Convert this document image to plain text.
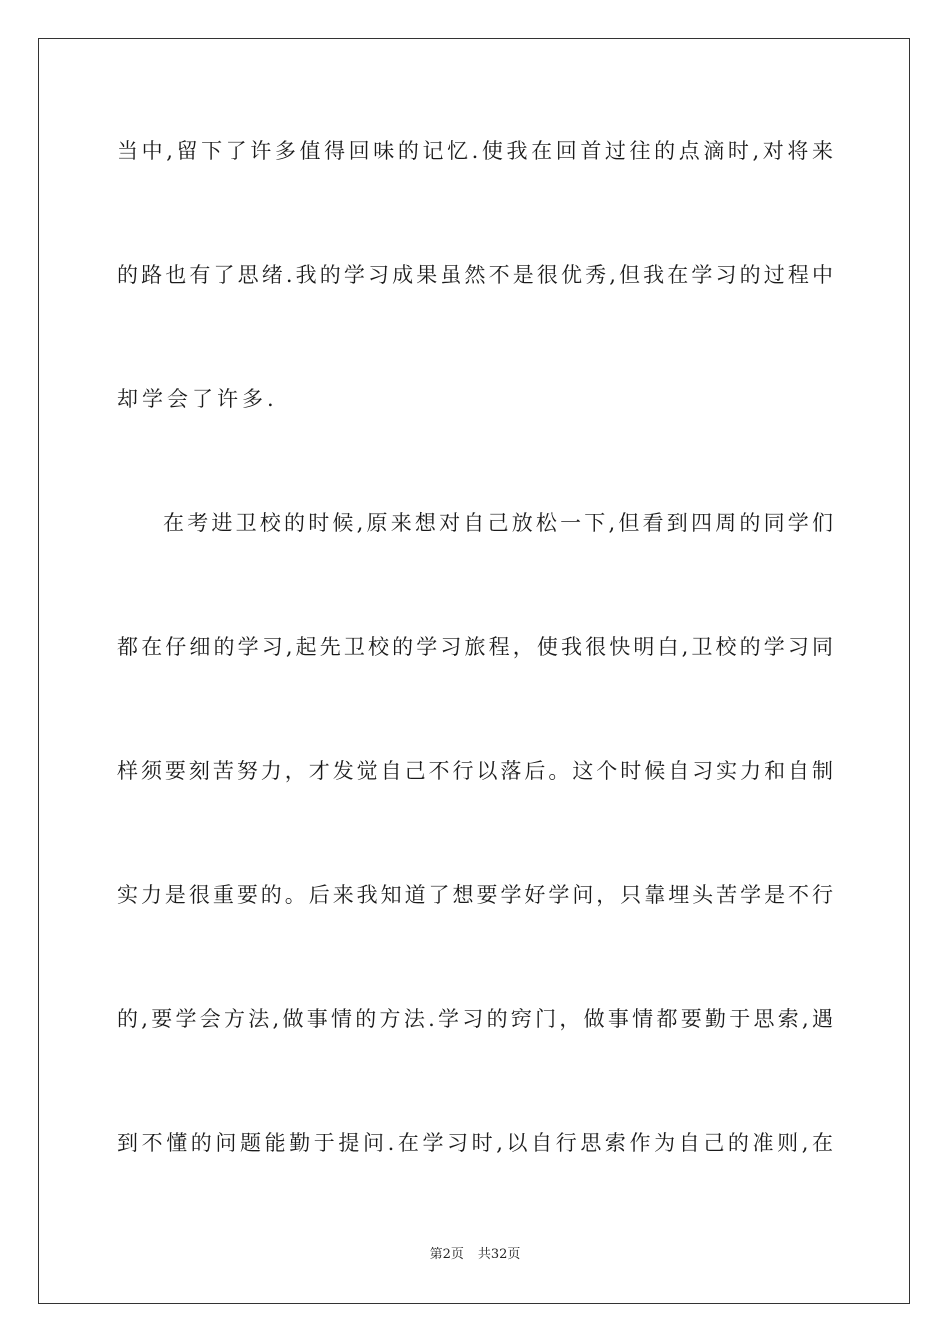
当中,留下了许多值得回味的记忆.使我在回首过往的点滴时,对将来
的路也有了思绪.我的学习成果虽然不是很优秀,但我在学习的过程中
却学会了许多.
在考进卫校的时候,原来想对自己放松一下,但看到四周的同学们
都在仔细的学习,起先卫校的学习旅程，使我很快明白,卫校的学习同
样须要刻苦努力，才发觉自己不行以落后。这个时候自习实力和自制
实力是很重要的。后来我知道了想要学好学问，只靠埋头苦学是不行
的,要学会方法,做事情的方法.学习的窍门，做事情都要勤于思索,遇
到不懂的问题能勤于提问.在学习时,以自行思索作为自己的准则,在
第2页 共32页
